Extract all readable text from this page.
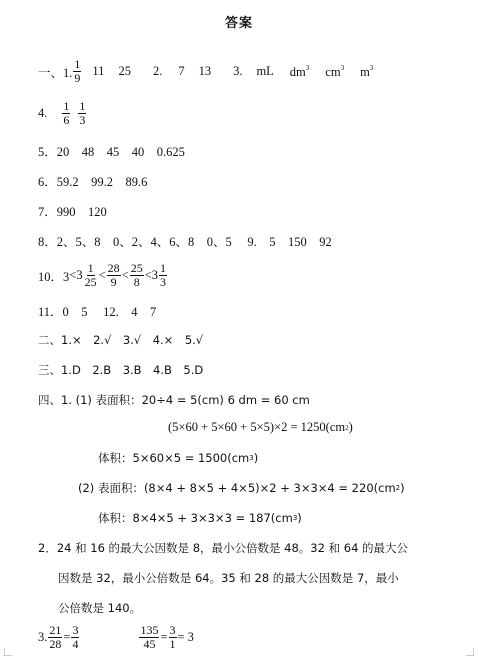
答案
一、1. $\frac{1}{9} 11$ 25 2. 7 13 3. mL $dm^3$ $cm^3$ $m^3$
4. $\frac{1}{6} \frac{1}{3}$
5．20　48　45　40　0.625
6．59.2　99.2　89.6
7．990　120
8．2、5、8　0、2、4、6、8　0、5　 9.　5　150　92
10．$3 < 3 \frac{1}{25} < \frac{28}{9} < \frac{25}{8} < 3 \frac{1}{3}$
11．0　5　 12.　4　7
二、1.×　2.√　3.√　4.×　5.√
三、1.D　2.B　3.B　4.B　5.D
四、1. (1) 表面积：20÷4 = 5(cm) 6 dm = 60 cm
(5×60 + 5×60 + 5×5)×2 = 1250(cm 2 )
体积：5×60×5 = 1500(cm 3 )
(2) 表面积：(8×4 + 8×5 + 4×5)×2 + 3×3×4 = 220(cm 2 )
体积：8×4×5 + 3×3×3 = 187(cm 3 )
2．24 和 16 的最大公因数是 8，最小公倍数是 48。32 和 64 的最大公
因数是 32，最小公倍数是 64。35 和 28 的最大公因数是 7，最小
公倍数是 140。
3. $\frac{21}{28} = \frac{3}{4}$	$\frac{135}{45} = \frac{3}{1} = 3$
